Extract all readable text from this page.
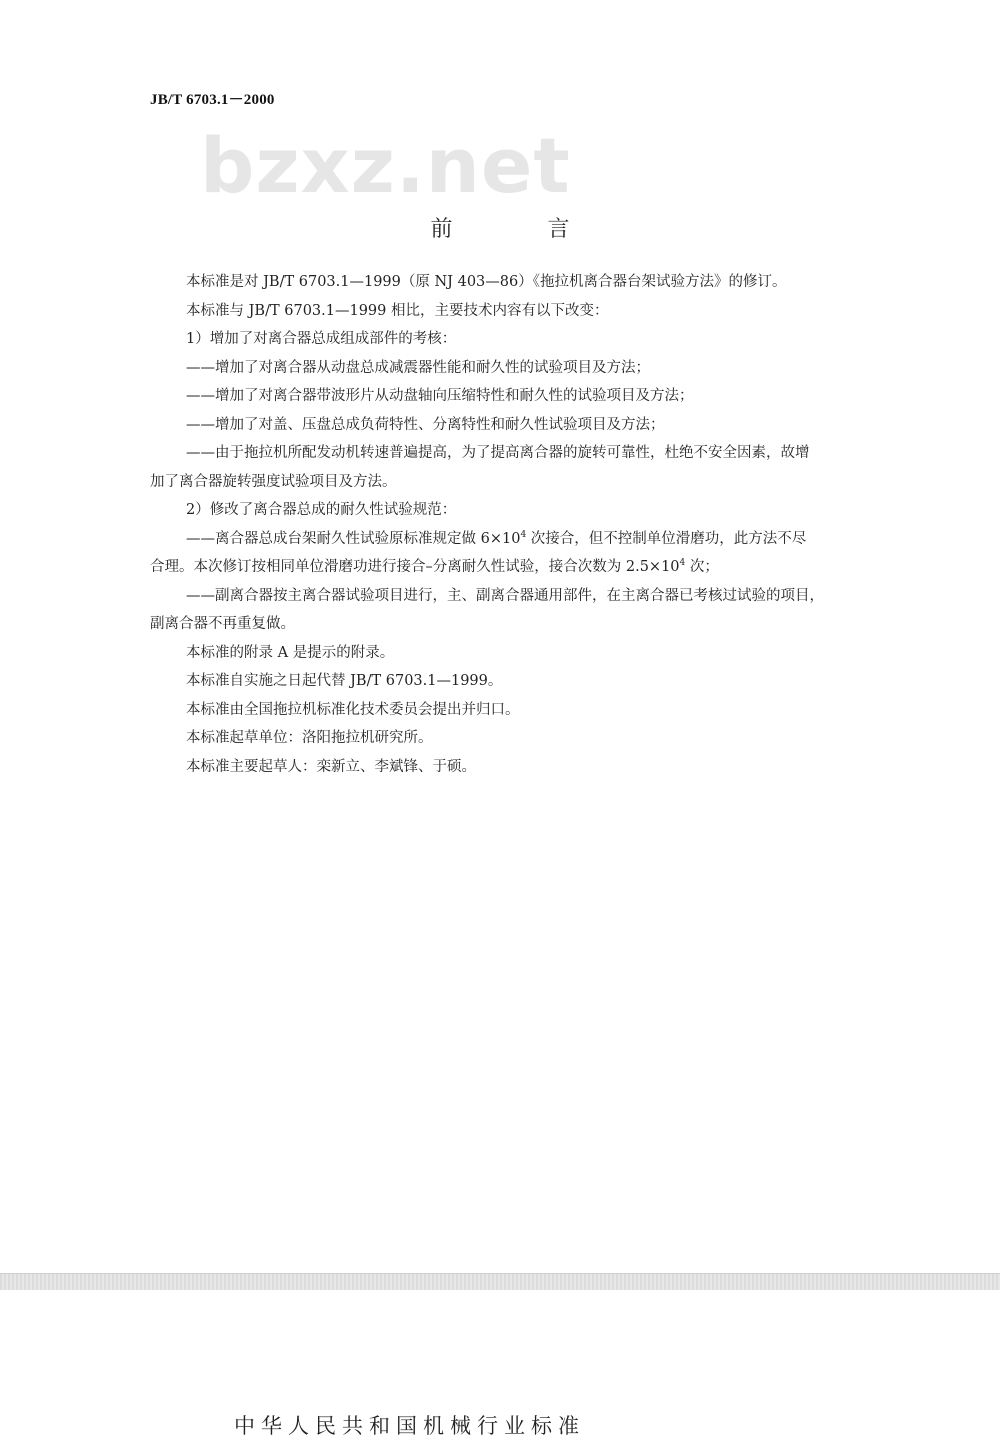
JB/T 6703.1－2000
bzxz.net
前 言

本标准是对 JB/T 6703.1—1999（原 NJ 403—86）《拖拉机离合器台架试验方法》的修订。

本标准与 JB/T 6703.1—1999 相比，主要技术内容有以下改变：

1）增加了对离合器总成组成部件的考核：

——增加了对离合器从动盘总成减震器性能和耐久性的试验项目及方法；

——增加了对离合器带波形片从动盘轴向压缩特性和耐久性的试验项目及方法；

——增加了对盖、压盘总成负荷特性、分离特性和耐久性试验项目及方法；

——由于拖拉机所配发动机转速普遍提高，为了提高离合器的旋转可靠性，杜绝不安全因素，故增

加了离合器旋转强度试验项目及方法。

2）修改了离合器总成的耐久性试验规范：

——离合器总成台架耐久性试验原标准规定做 $6\times 10^4$ 次接合，但不控制单位滑磨功，此方法不尽

合理。本次修订按相同单位滑磨功进行接合–分离耐久性试验，接合次数为 $2.5\times 10^4$ 次；

——副离合器按主离合器试验项目进行，主、副离合器通用部件，在主离合器已考核过试验的项目，

副离合器不再重复做。

本标准的附录 A 是提示的附录。

本标准自实施之日起代替 JB/T 6703.1—1999。

本标准由全国拖拉机标准化技术委员会提出并归口。

本标准起草单位：洛阳拖拉机研究所。

本标准主要起草人：栾新立、李斌锋、于硕。

中华人民共和国机械行业标准
